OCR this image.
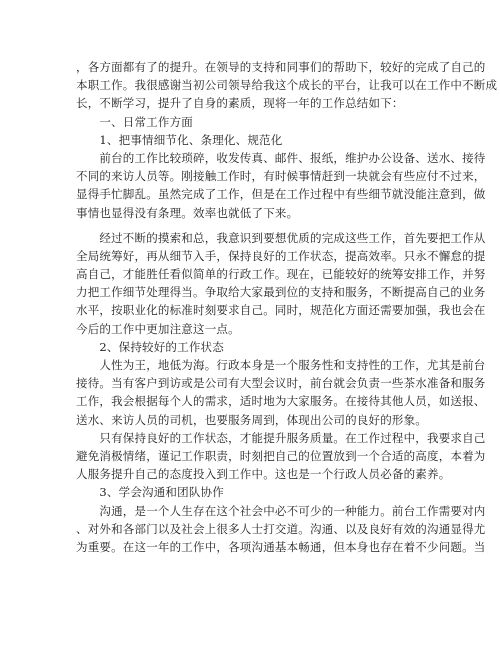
，各方面都有了的提升。在领导的支持和同事们的帮助下，较好的完成了自己的
本职工作。我很感谢当初公司领导给我这个成长的平台，让我可以在工作中不断成
长，不断学习，提升了自身的素质，现将一年的工作总结如下：
　　一、日常工作方面
　　1、把事情细节化、条理化、规范化
　　前台的工作比较琐碎，收发传真、邮件、报纸，维护办公设备、送水、接待
不同的来访人员等。刚接触工作时，有时候事情赶到一块就会有些应付不过来，
显得手忙脚乱。虽然完成了工作，但是在工作过程中有些细节就没能注意到，做
事情也显得没有条理。效率也就低了下来。
　　经过不断的摸索和总，我意识到要想优质的完成这些工作，首先要把工作从
全局统筹好，再从细节入手，保持良好的工作状态，提高效率。只永不懈怠的提
高自己，才能胜任看似简单的行政工作。现在，已能较好的统筹安排工作，并努
力把工作细节处理得当。争取给大家最到位的支持和服务，不断提高自己的业务
水平，按职业化的标准时刻要求自己。同时，规范化方面还需要加强，我也会在
今后的工作中更加注意这一点。
　　2、保持较好的工作状态
　　人性为王，地低为海。行政本身是一个服务性和支持性的工作，尤其是前台
接待。当有客户到访或是公司有大型会议时，前台就会负责一些茶水准备和服务
工作，我会根据每个人的需求，适时地为大家服务。在接待其他人员，如送报、
送水、来访人员的司机，也要服务周到，体现出公司的良好的形象。
　　只有保持良好的工作状态，才能提升服务质量。在工作过程中，我要求自己
避免消极情绪，谨记工作职责，时刻把自己的位置放到一个合适的高度，本着为
人服务提升自己的态度投入到工作中。这也是一个行政人员必备的素养。
　　3、学会沟通和团队协作
　　沟通，是一个人生存在这个社会中必不可少的一种能力。前台工作需要对内
、对外和各部门以及社会上很多人士打交道。沟通、以及良好有效的沟通显得尤
为重要。在这一年的工作中，各项沟通基本畅通，但本身也存在着不少问题。当
